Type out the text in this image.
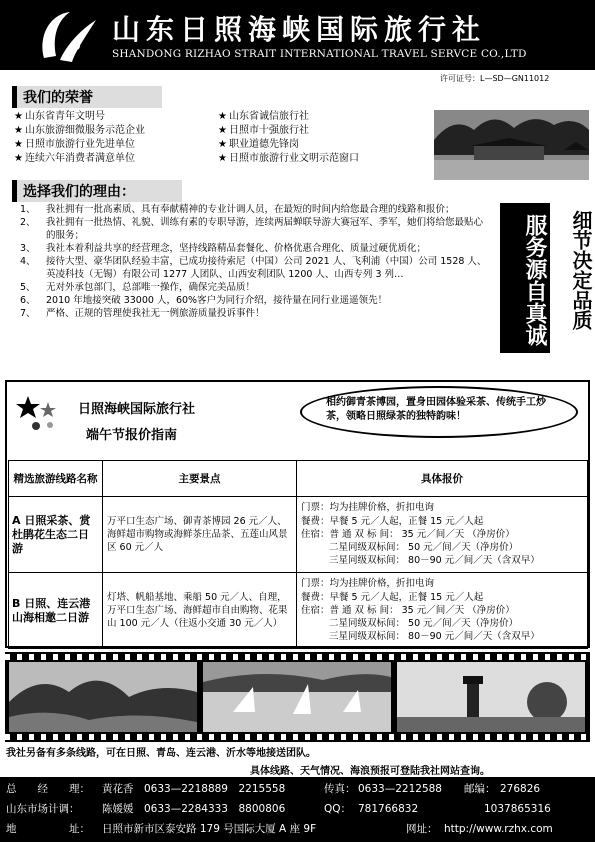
山东日照海峡国际旅行社
SHANDONG RIZHAO STRAIT INTERNATIONAL TRAVEL SERVCE CO.,LTD
许可证号：L—SD—GN11012
我们的荣誉
★ 山东省青年文明号
★ 山东旅游细微服务示范企业
★ 日照市旅游行业先进单位
★ 连续六年消费者满意单位
★ 山东省诚信旅行社
★ 日照市十强旅行社
★ 职业道德先锋岗
★ 日照市旅游行业文明示范窗口
选择我们的理由：
1、	我社拥有一批高素质、具有奉献精神的专业计调人员，在最短的时间内给您最合理的线路和报价；
2、	我社拥有一批热情、礼貌、训练有素的专职导游，连续两届蝉联导游大赛冠军、季军，她们将给您最贴心的服务；
3、	我社本着利益共享的经营理念，坚持线路精品套餐化、价格优惠合理化、质量过硬优质化；
4、	接待大型、豪华团队经验丰富，已成功接待索尼（中国）公司 2021 人、飞利浦（中国）公司 1528 人、英凌科技（无锡）有限公司 1277 人团队、山西安利团队 1200 人、山西专列 3 列…
5、	无对外承包部门，总部唯一操作，确保完美品质！
6、	2010 年地接突破 33000 人，60%客户为同行介绍，接待量在同行业遥遥领先！
7、	严格、正规的管理使我社无一例旅游质量投诉事件！	服务源自真诚	细节决定品质
日照海峡国际旅行社
端午节报价指南
相约御青茶博园，置身田园体验采茶、传统手工炒茶，领略日照绿茶的独特韵味！
精选旅游线路名称	主要景点	具体报价
A 日照采茶、赏杜鹃花生态二日游	万平口生态广场、御青茶博园 26 元／人、海鲜超市购物或海鲜茶庄品茶、五莲山风景区 60 元／人	门票：均为挂牌价格，折扣电询
餐费：早餐 5 元／人起，正餐 15 元／人起
住宿：普 通 双 标 间： 35 元／间／天 （净房价）
二星同级双标间： 50 元／间／天（净房价）
三星同级双标间： 80－90 元／间／天（含双早）

B 日照、连云港山海相邀二日游	灯塔、帆船基地、乘船 50 元／人、自理，万平口生态广场、海鲜超市自由购物、花果山 100 元／人（往返小交通 30 元／人）	门票：均为挂牌价格，折扣电询
餐费：早餐 5 元／人起，正餐 15 元／人起
住宿：普 通 双 标 间： 35 元／间／天 （净房价）
二星同级双标间： 50 元／间／天（净房价）
三星同级双标间： 80－90 元／间／天（含双早）
我社另备有多条线路，可在日照、青岛、连云港、沂水等地接送团队。
具体线路、天气情况、海浪预报可登陆我社网站查询。
总　　经　　理： 黄花香　0633—2218889　2215558	传真： 0633—2212588 邮编： 276826
山东市场计调： 陈媛媛　0633—2284333　8800806	QQ： 781766832	1037865316
地　　　　　址： 日照市新市区泰安路 179 号国际大厦 A 座 9F	网址： http://www.rzhx.com
